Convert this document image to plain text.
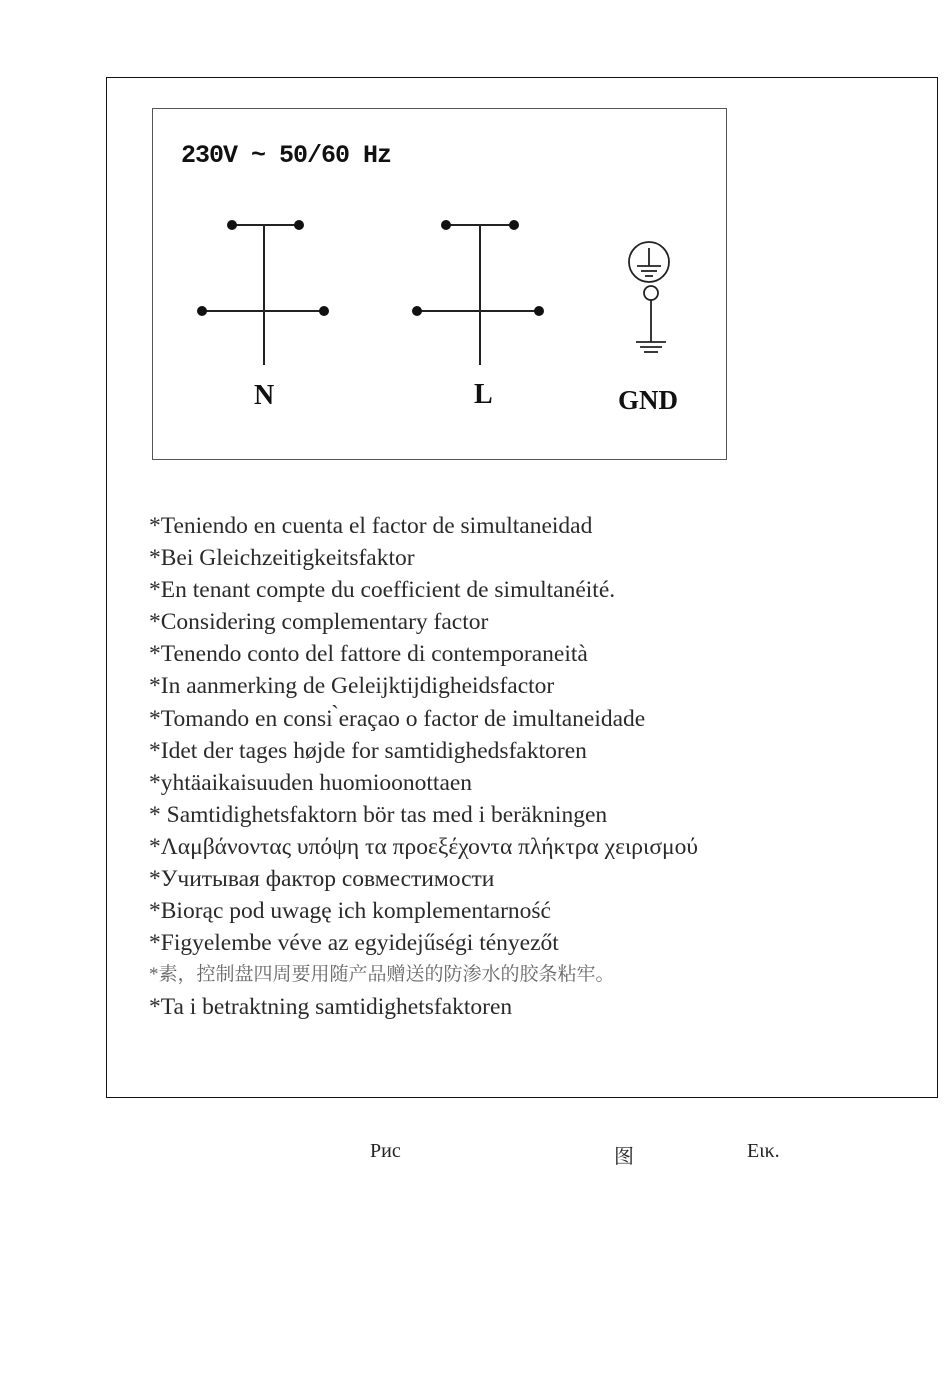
230V ~ 50/60 Hz
N	L	GND
*Teniendo en cuenta el factor de simultaneidad
*Bei Gleichzeitigkeitsfaktor
*En tenant compte du coefficient de simultanéité.
*Considering complementary factor
*Tenendo conto del fattore di contemporaneità
*In aanmerking de Geleijktijdigheidsfactor
*Tomando en consi ̀eraçao o factor de imultaneidade
*Idet der tages højde for samtidighedsfaktoren
*yhtäaikaisuuden huomioonottaen
* Samtidighetsfaktorn bör tas med i beräkningen
*Λαμβάνοντας υπόψη τα προεξέχοντα πλήκτρα χειρισμού
*Учитывая фактор совместимости
*Biorąc pod uwagę ich komplementarność
*Figyelembe véve az egyidejűségi tényezőt
*素，控制盘四周要用随产品赠送的防渗水的胶条粘牢。
*Ta i betraktning samtidighetsfaktoren
Рис	图	Εικ.
